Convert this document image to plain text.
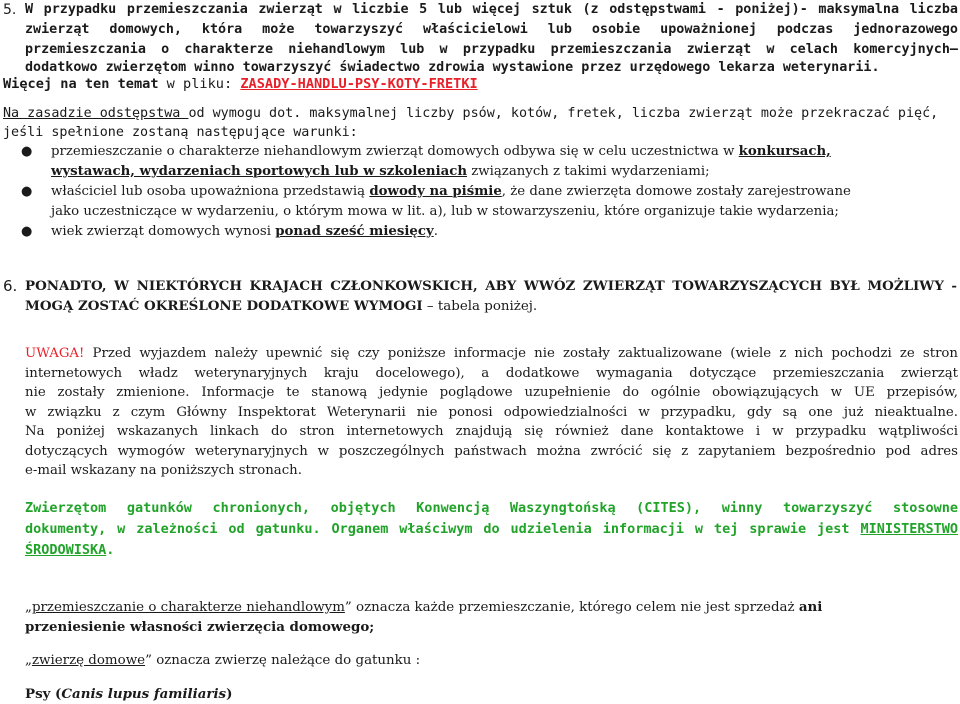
5. W przypadku przemieszczania zwierząt w liczbie 5 lub więcej sztuk (z odstępstwami - poniżej)- maksymalna liczba
zwierząt domowych, która może towarzyszyć właścicielowi lub osobie upoważnionej podczas jednorazowego
przemieszczania o charakterze niehandlowym lub w przypadku przemieszczania zwierząt w celach komercyjnych–
dodatkowo zwierzętom winno towarzyszyć świadectwo zdrowia wystawione przez urzędowego lekarza weterynarii.
Więcej na ten temat w pliku: ZASADY-HANDLU-PSY-KOTY-FRETKI
Na zasadzie odstępstwa od wymogu dot. maksymalnej liczby psów, kotów, fretek, liczba zwierząt może przekraczać pięć,
jeśli spełnione zostaną następujące warunki:
● przemieszczanie o charakterze niehandlowym zwierząt domowych odbywa się w celu uczestnictwa w konkursach,
wystawach, wydarzeniach sportowych lub w szkoleniach związanych z takimi wydarzeniami;
● właściciel lub osoba upoważniona przedstawią dowody na piśmie, że dane zwierzęta domowe zostały zarejestrowane
jako uczestniczące w wydarzeniu, o którym mowa w lit. a), lub w stowarzyszeniu, które organizuje takie wydarzenia;
● wiek zwierząt domowych wynosi ponad sześć miesięcy.
6. PONADTO, W NIEKTÓRYCH KRAJACH CZŁONKOWSKICH, ABY WWÓZ ZWIERZĄT TOWARZYSZĄCYCH BYŁ MOŻLIWY -
MOGĄ ZOSTAĆ OKREŚLONE DODATKOWE WYMOGI – tabela poniżej.
UWAGA! Przed wyjazdem należy upewnić się czy poniższe informacje nie zostały zaktualizowane (wiele z nich pochodzi ze stron
internetowych władz weterynaryjnych kraju docelowego), a dodatkowe wymagania dotyczące przemieszczania zwierząt
nie zostały zmienione. Informacje te stanową jedynie poglądowe uzupełnienie do ogólnie obowiązujących w UE przepisów,
w związku z czym Główny Inspektorat Weterynarii nie ponosi odpowiedzialności w przypadku, gdy są one już nieaktualne.
Na poniżej wskazanych linkach do stron internetowych znajdują się również dane kontaktowe i w przypadku wątpliwości
dotyczących wymogów weterynaryjnych w poszczególnych państwach można zwrócić się z zapytaniem bezpośrednio pod adres
e-mail wskazany na poniższych stronach.
Zwierzętom gatunków chronionych, objętych Konwencją Waszyngtońską (CITES), winny towarzyszyć stosowne
dokumenty, w zależności od gatunku. Organem właściwym do udzielenia informacji w tej sprawie jest MINISTERSTWO
ŚRODOWISKA.
„przemieszczanie o charakterze niehandlowym” oznacza każde przemieszczanie, którego celem nie jest sprzedaż ani
przeniesienie własności zwierzęcia domowego;
„zwierzę domowe” oznacza zwierzę należące do gatunku :
Psy (Canis lupus familiaris)
